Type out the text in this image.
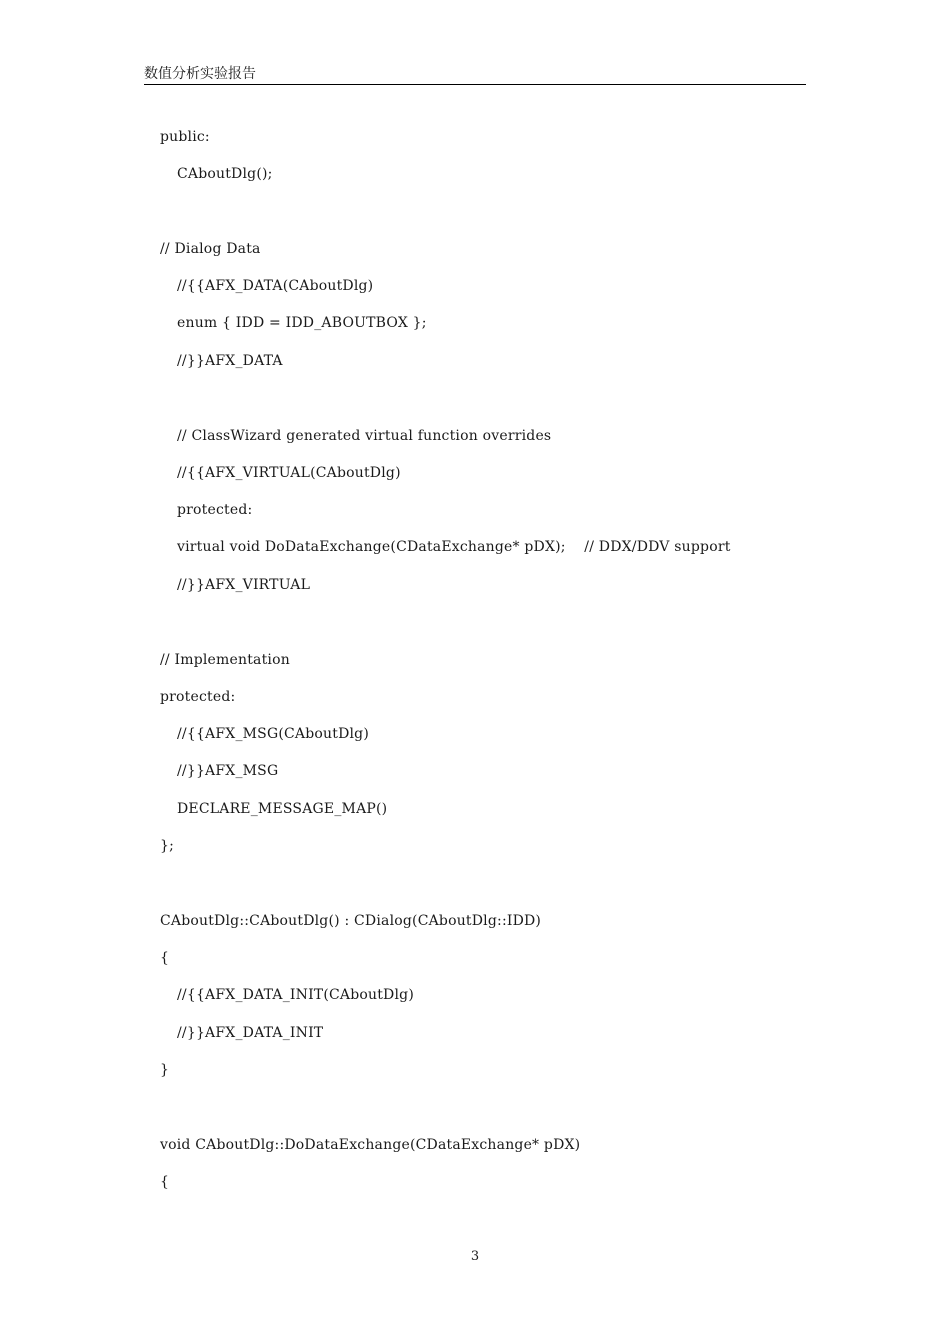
数值分析实验报告
public:
CAboutDlg();
// Dialog Data
//{{AFX_DATA(CAboutDlg)
enum { IDD = IDD_ABOUTBOX };
//}}AFX_DATA
// ClassWizard generated virtual function overrides
//{{AFX_VIRTUAL(CAboutDlg)
protected:
virtual void DoDataExchange(CDataExchange* pDX);    // DDX/DDV support
//}}AFX_VIRTUAL
// Implementation
protected:
//{{AFX_MSG(CAboutDlg)
//}}AFX_MSG
DECLARE_MESSAGE_MAP()
};
CAboutDlg::CAboutDlg() : CDialog(CAboutDlg::IDD)
{
//{{AFX_DATA_INIT(CAboutDlg)
//}}AFX_DATA_INIT
}
void CAboutDlg::DoDataExchange(CDataExchange* pDX)
{
3
